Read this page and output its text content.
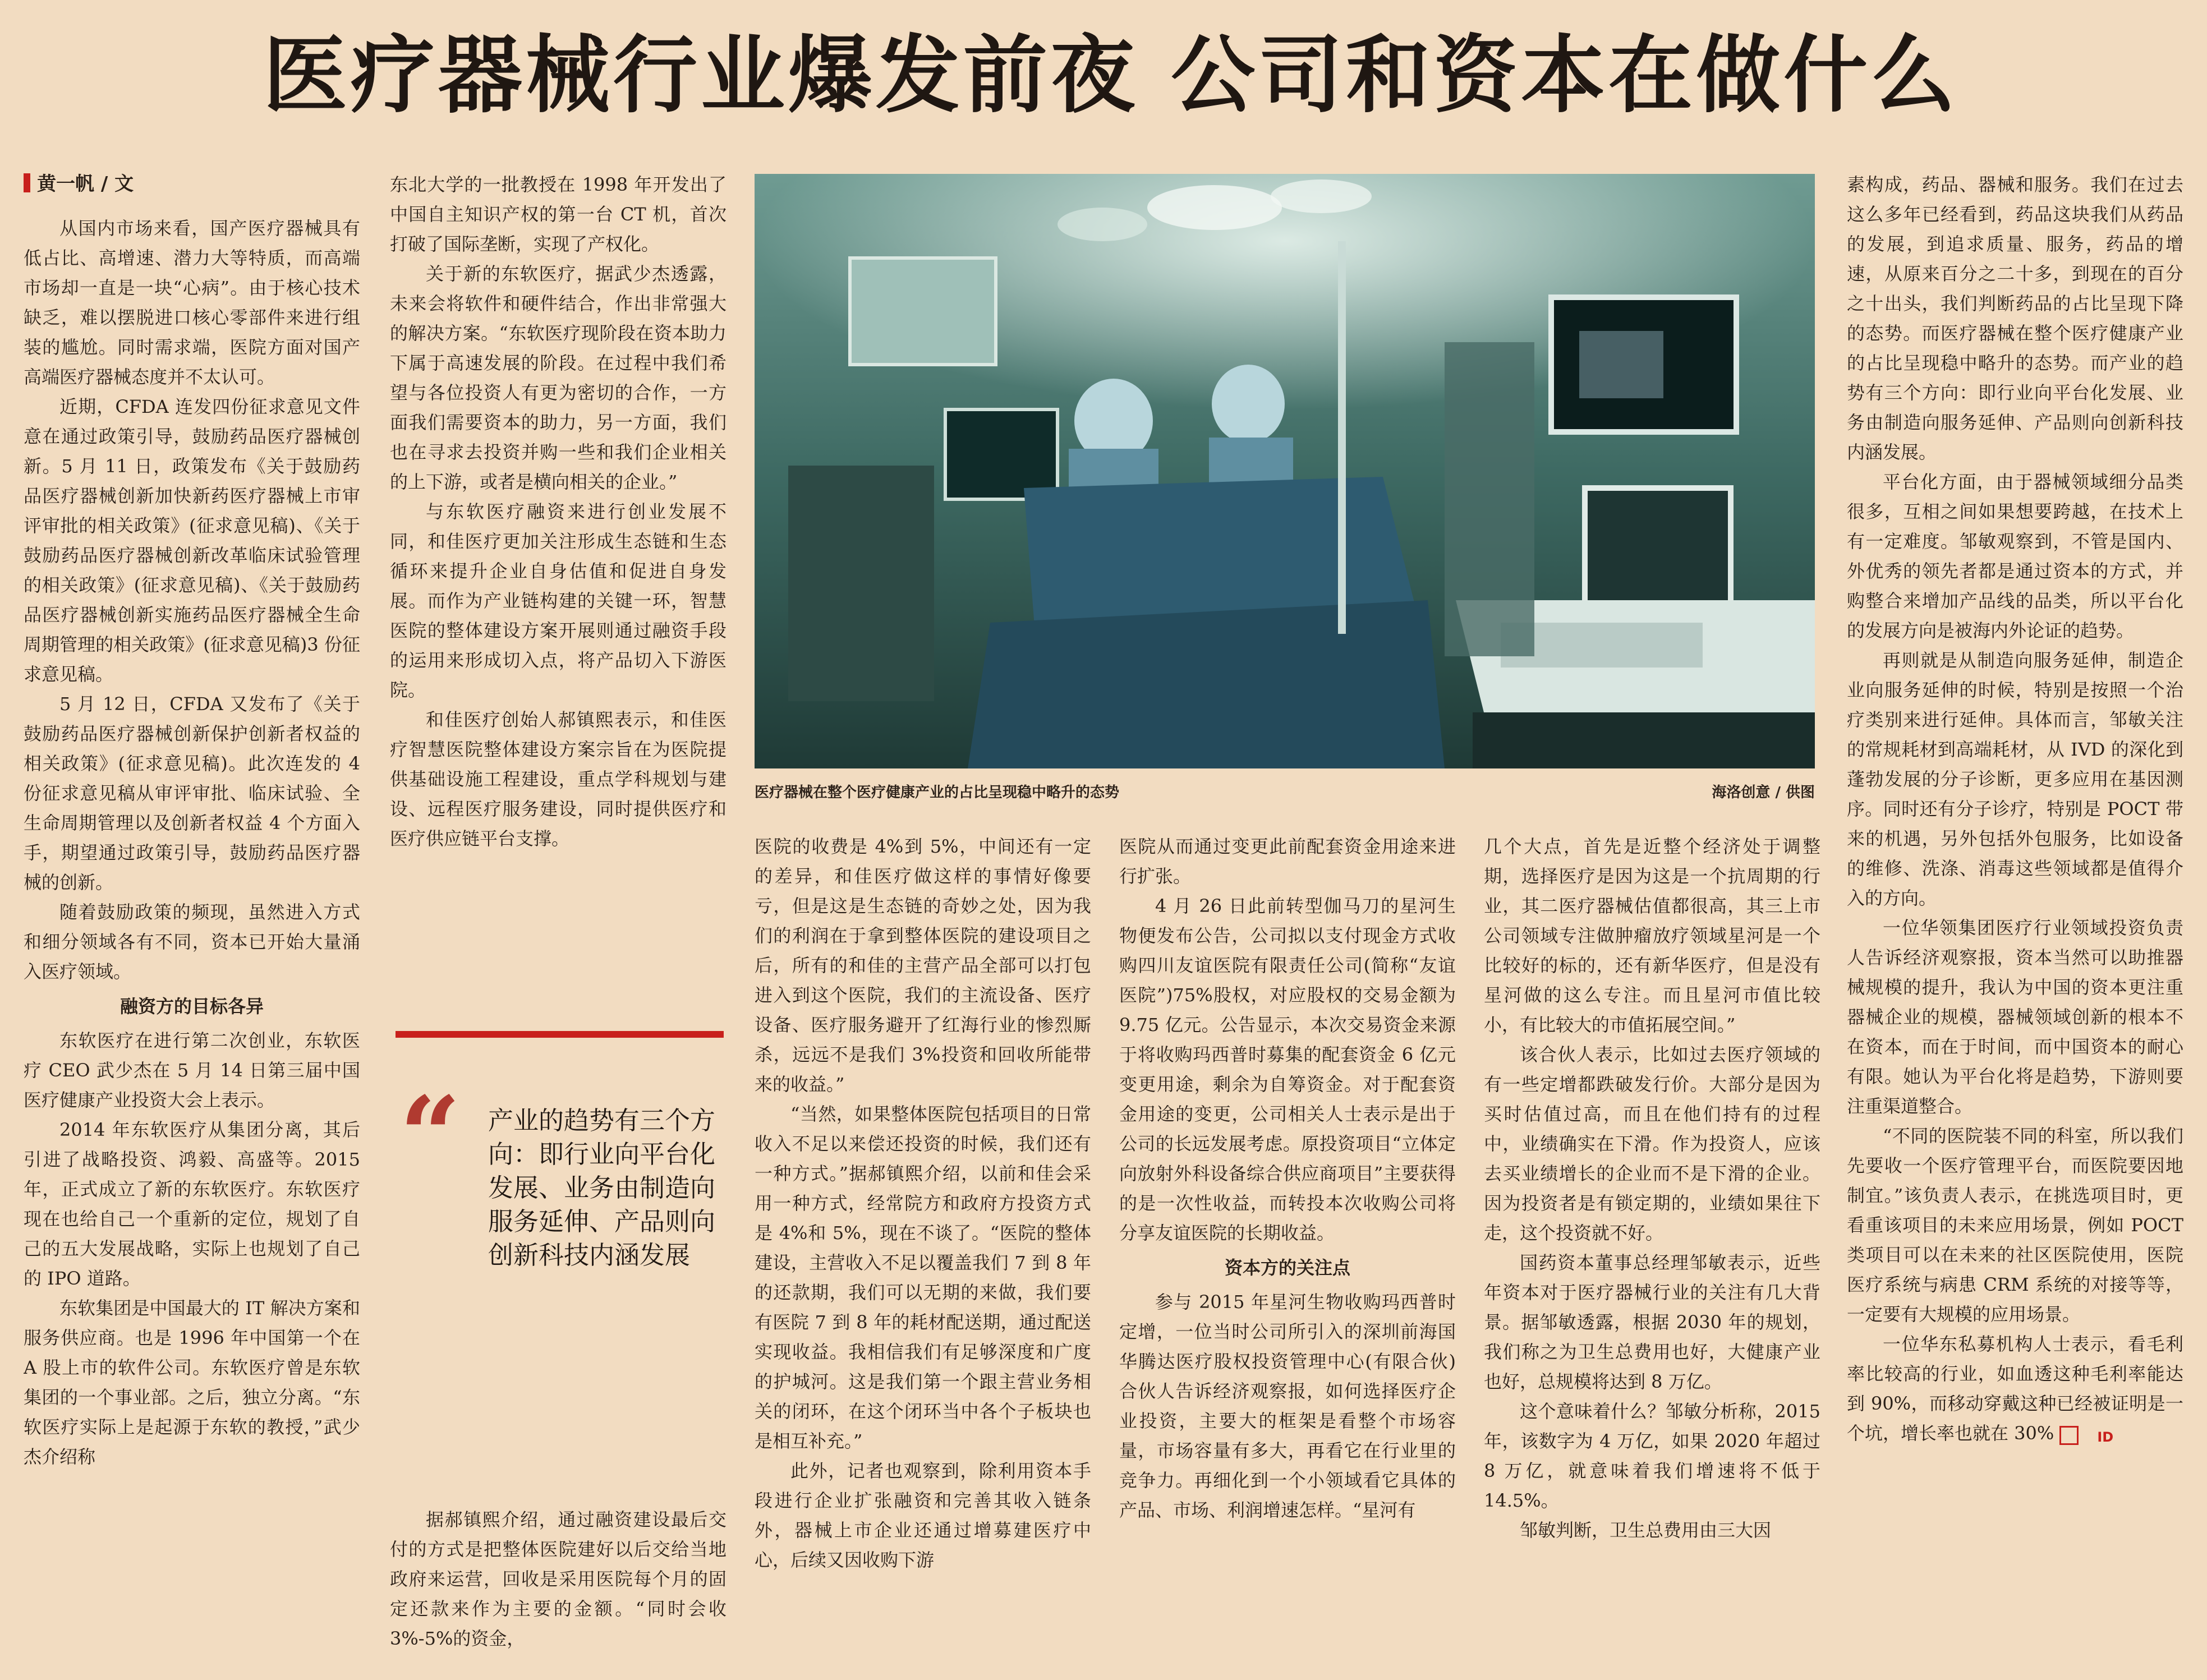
医疗器械行业爆发前夜 公司和资本在做什么
黄一帆 / 文

从国内市场来看，国产医疗器械具有低占比、高增速、潜力大等特质，而高端市场却一直是一块“心病”。由于核心技术缺乏，难以摆脱进口核心零部件来进行组装的尴尬。同时需求端，医院方面对国产高端医疗器械态度并不太认可。

近期，CFDA 连发四份征求意见文件意在通过政策引导，鼓励药品医疗器械创新。5 月 11 日，政策发布《关于鼓励药品医疗器械创新加快新药医疗器械上市审评审批的相关政策》(征求意见稿)、《关于鼓励药品医疗器械创新改革临床试验管理的相关政策》(征求意见稿)、《关于鼓励药品医疗器械创新实施药品医疗器械全生命周期管理的相关政策》(征求意见稿)3 份征求意见稿。

5 月 12 日，CFDA 又发布了《关于鼓励药品医疗器械创新保护创新者权益的相关政策》(征求意见稿)。此次连发的 4 份征求意见稿从审评审批、临床试验、全生命周期管理以及创新者权益 4 个方面入手，期望通过政策引导，鼓励药品医疗器械的创新。

随着鼓励政策的频现，虽然进入方式和细分领域各有不同，资本已开始大量涌入医疗领域。

融资方的目标各异

东软医疗在进行第二次创业，东软医疗 CEO 武少杰在 5 月 14 日第三届中国医疗健康产业投资大会上表示。

2014 年东软医疗从集团分离，其后引进了战略投资、鸿毅、高盛等。2015 年，正式成立了新的东软医疗。东软医疗现在也给自己一个重新的定位，规划了自己的五大发展战略，实际上也规划了自己的 IPO 道路。

东软集团是中国最大的 IT 解决方案和服务供应商。也是 1996 年中国第一个在 A 股上市的软件公司。东软医疗曾是东软集团的一个事业部。之后，独立分离。“东软医疗实际上是起源于东软的教授，”武少杰介绍称

东北大学的一批教授在 1998 年开发出了中国自主知识产权的第一台 CT 机，首次打破了国际垄断，实现了产权化。

关于新的东软医疗，据武少杰透露，未来会将软件和硬件结合，作出非常强大的解决方案。“东软医疗现阶段在资本助力下属于高速发展的阶段。在过程中我们希望与各位投资人有更为密切的合作，一方面我们需要资本的助力，另一方面，我们也在寻求去投资并购一些和我们企业相关的上下游，或者是横向相关的企业。”

与东软医疗融资来进行创业发展不同，和佳医疗更加关注形成生态链和生态循环来提升企业自身估值和促进自身发展。而作为产业链构建的关键一环，智慧医院的整体建设方案开展则通过融资手段的运用来形成切入点，将产品切入下游医院。

和佳医疗创始人郝镇熙表示，和佳医疗智慧医院整体建设方案宗旨在为医院提供基础设施工程建设，重点学科规划与建设、远程医疗服务建设，同时提供医疗和医疗供应链平台支撑。

“ 产业的趋势有三个方向：即行业向平台化发展、业务由制造向服务延伸、产品则向创新科技内涵发展

据郝镇熙介绍，通过融资建设最后交付的方式是把整体医院建好以后交给当地政府来运营，回收是采用医院每个月的固定还款来作为主要的金额。“同时会收 3%-5%的资金，

医疗器械在整个医疗健康产业的占比呈现稳中略升的态势	海洛创意 / 供图

医院的收费是 4%到 5%，中间还有一定的差异，和佳医疗做这样的事情好像要亏，但是这是生态链的奇妙之处，因为我们的利润在于拿到整体医院的建设项目之后，所有的和佳的主营产品全部可以打包进入到这个医院，我们的主流设备、医疗设备、医疗服务避开了红海行业的惨烈厮杀，远远不是我们 3%投资和回收所能带来的收益。”

“当然，如果整体医院包括项目的日常收入不足以来偿还投资的时候，我们还有一种方式。”据郝镇熙介绍，以前和佳会采用一种方式，经常院方和政府方投资方式是 4%和 5%，现在不谈了。“医院的整体建设，主营收入不足以覆盖我们 7 到 8 年的还款期，我们可以无期的来做，我们要有医院 7 到 8 年的耗材配送期，通过配送实现收益。我相信我们有足够深度和广度的护城河。这是我们第一个跟主营业务相关的闭环，在这个闭环当中各个子板块也是相互补充。”

此外，记者也观察到，除利用资本手段进行企业扩张融资和完善其收入链条外，器械上市企业还通过增募建医疗中心，后续又因收购下游

医院从而通过变更此前配套资金用途来进行扩张。

4 月 26 日此前转型伽马刀的星河生物便发布公告，公司拟以支付现金方式收购四川友谊医院有限责任公司(简称“友谊医院”)75%股权，对应股权的交易金额为 9.75 亿元。公告显示，本次交易资金来源于将收购玛西普时募集的配套资金 6 亿元变更用途，剩余为自筹资金。对于配套资金用途的变更，公司相关人士表示是出于公司的长远发展考虑。原投资项目“立体定向放射外科设备综合供应商项目”主要获得的是一次性收益，而转投本次收购公司将分享友谊医院的长期收益。

资本方的关注点

参与 2015 年星河生物收购玛西普时定增，一位当时公司所引入的深圳前海国华腾达医疗股权投资管理中心(有限合伙)合伙人告诉经济观察报，如何选择医疗企业投资，主要大的框架是看整个市场容量，市场容量有多大，再看它在行业里的竞争力。再细化到一个小领域看它具体的产品、市场、利润增速怎样。“星河有

几个大点，首先是近整个经济处于调整期，选择医疗是因为这是一个抗周期的行业，其二医疗器械估值都很高，其三上市公司领域专注做肿瘤放疗领域星河是一个比较好的标的，还有新华医疗，但是没有星河做的这么专注。而且星河市值比较小，有比较大的市值拓展空间。”

该合伙人表示，比如过去医疗领域的有一些定增都跌破发行价。大部分是因为买时估值过高，而且在他们持有的过程中，业绩确实在下滑。作为投资人，应该去买业绩增长的企业而不是下滑的企业。因为投资者是有锁定期的，业绩如果往下走，这个投资就不好。

国药资本董事总经理邹敏表示，近些年资本对于医疗器械行业的关注有几大背景。据邹敏透露，根据 2030 年的规划，我们称之为卫生总费用也好，大健康产业也好，总规模将达到 8 万亿。

这个意味着什么？邹敏分析称，2015 年，该数字为 4 万亿，如果 2020 年超过 8 万亿，就意味着我们增速将不低于 14.5%。

邹敏判断，卫生总费用由三大因

素构成，药品、器械和服务。我们在过去这么多年已经看到，药品这块我们从药品的发展，到追求质量、服务，药品的增速，从原来百分之二十多，到现在的百分之十出头，我们判断药品的占比呈现下降的态势。而医疗器械在整个医疗健康产业的占比呈现稳中略升的态势。而产业的趋势有三个方向：即行业向平台化发展、业务由制造向服务延伸、产品则向创新科技内涵发展。

平台化方面，由于器械领域细分品类很多，互相之间如果想要跨越，在技术上有一定难度。邹敏观察到，不管是国内、外优秀的领先者都是通过资本的方式，并购整合来增加产品线的品类，所以平台化的发展方向是被海内外论证的趋势。

再则就是从制造向服务延伸，制造企业向服务延伸的时候，特别是按照一个治疗类别来进行延伸。具体而言，邹敏关注的常规耗材到高端耗材，从 IVD 的深化到蓬勃发展的分子诊断，更多应用在基因测序。同时还有分子诊疗，特别是 POCT 带来的机遇，另外包括外包服务，比如设备的维修、洗涤、消毒这些领域都是值得介入的方向。

一位华领集团医疗行业领域投资负责人告诉经济观察报，资本当然可以助推器械规模的提升，我认为中国的资本更注重器械企业的规模，器械领域创新的根本不在资本，而在于时间，而中国资本的耐心有限。她认为平台化将是趋势，下游则要注重渠道整合。

“不同的医院装不同的科室，所以我们先要收一个医疗管理平台，而医院要因地制宜。”该负责人表示，在挑选项目时，更看重该项目的未来应用场景，例如 POCT 类项目可以在未来的社区医院使用，医院医疗系统与病患 CRM 系统的对接等等，一定要有大规模的应用场景。

一位华东私募机构人士表示，看毛利率比较高的行业，如血透这种毛利率能达到 90%，而移动穿戴这种已经被证明是一个坑，增长率也就在 30%	ID
